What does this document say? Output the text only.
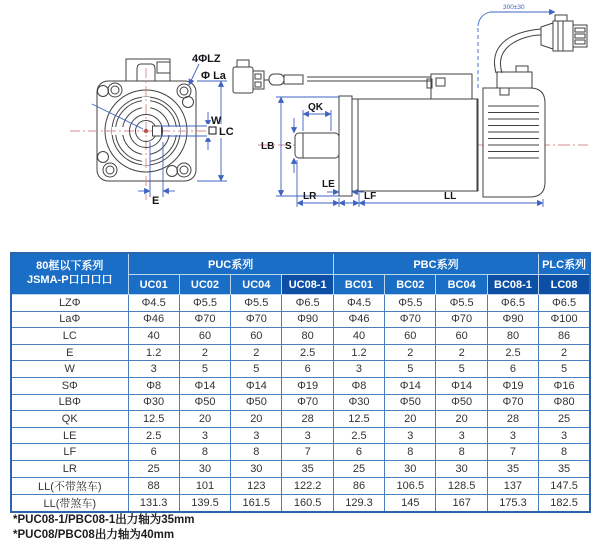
4ΦLZ
Φ La
LC
W
E
300±30
QK
LB S
LE
LR	LF	LL
80框以下系列
JSMA-P口口口口	PUC系列				PBC系列				PLC系列
	UC01	UC02	UC04	UC08-1	BC01	BC02	BC04	BC08-1	LC08
LZΦ	Φ4.5	Φ5.5	Φ5.5	Φ6.5	Φ4.5	Φ5.5	Φ5.5	Φ6.5	Φ6.5
LaΦ	Φ46	Φ70	Φ70	Φ90	Φ46	Φ70	Φ70	Φ90	Φ100
LC	40	60	60	80	40	60	60	80	86
E	1.2	2	2	2.5	1.2	2	2	2.5	2
W	3	5	5	6	3	5	5	6	5
SΦ	Φ8	Φ14	Φ14	Φ19	Φ8	Φ14	Φ14	Φ19	Φ16
LBΦ	Φ30	Φ50	Φ50	Φ70	Φ30	Φ50	Φ50	Φ70	Φ80
QK	12.5	20	20	28	12.5	20	20	28	25
LE	2.5	3	3	3	2.5	3	3	3	3
LF	6	8	8	7	6	8	8	7	8
LR	25	30	30	35	25	30	30	35	35
LL(不带煞车)	88	101	123	122.2	86	106.5	128.5	137	147.5
LL(带煞车)	131.3	139.5	161.5	160.5	129.3	145	167	175.3	182.5
*PUC08-1/PBC08-1出力轴为35mm
*PUC08/PBC08出力轴为40mm
